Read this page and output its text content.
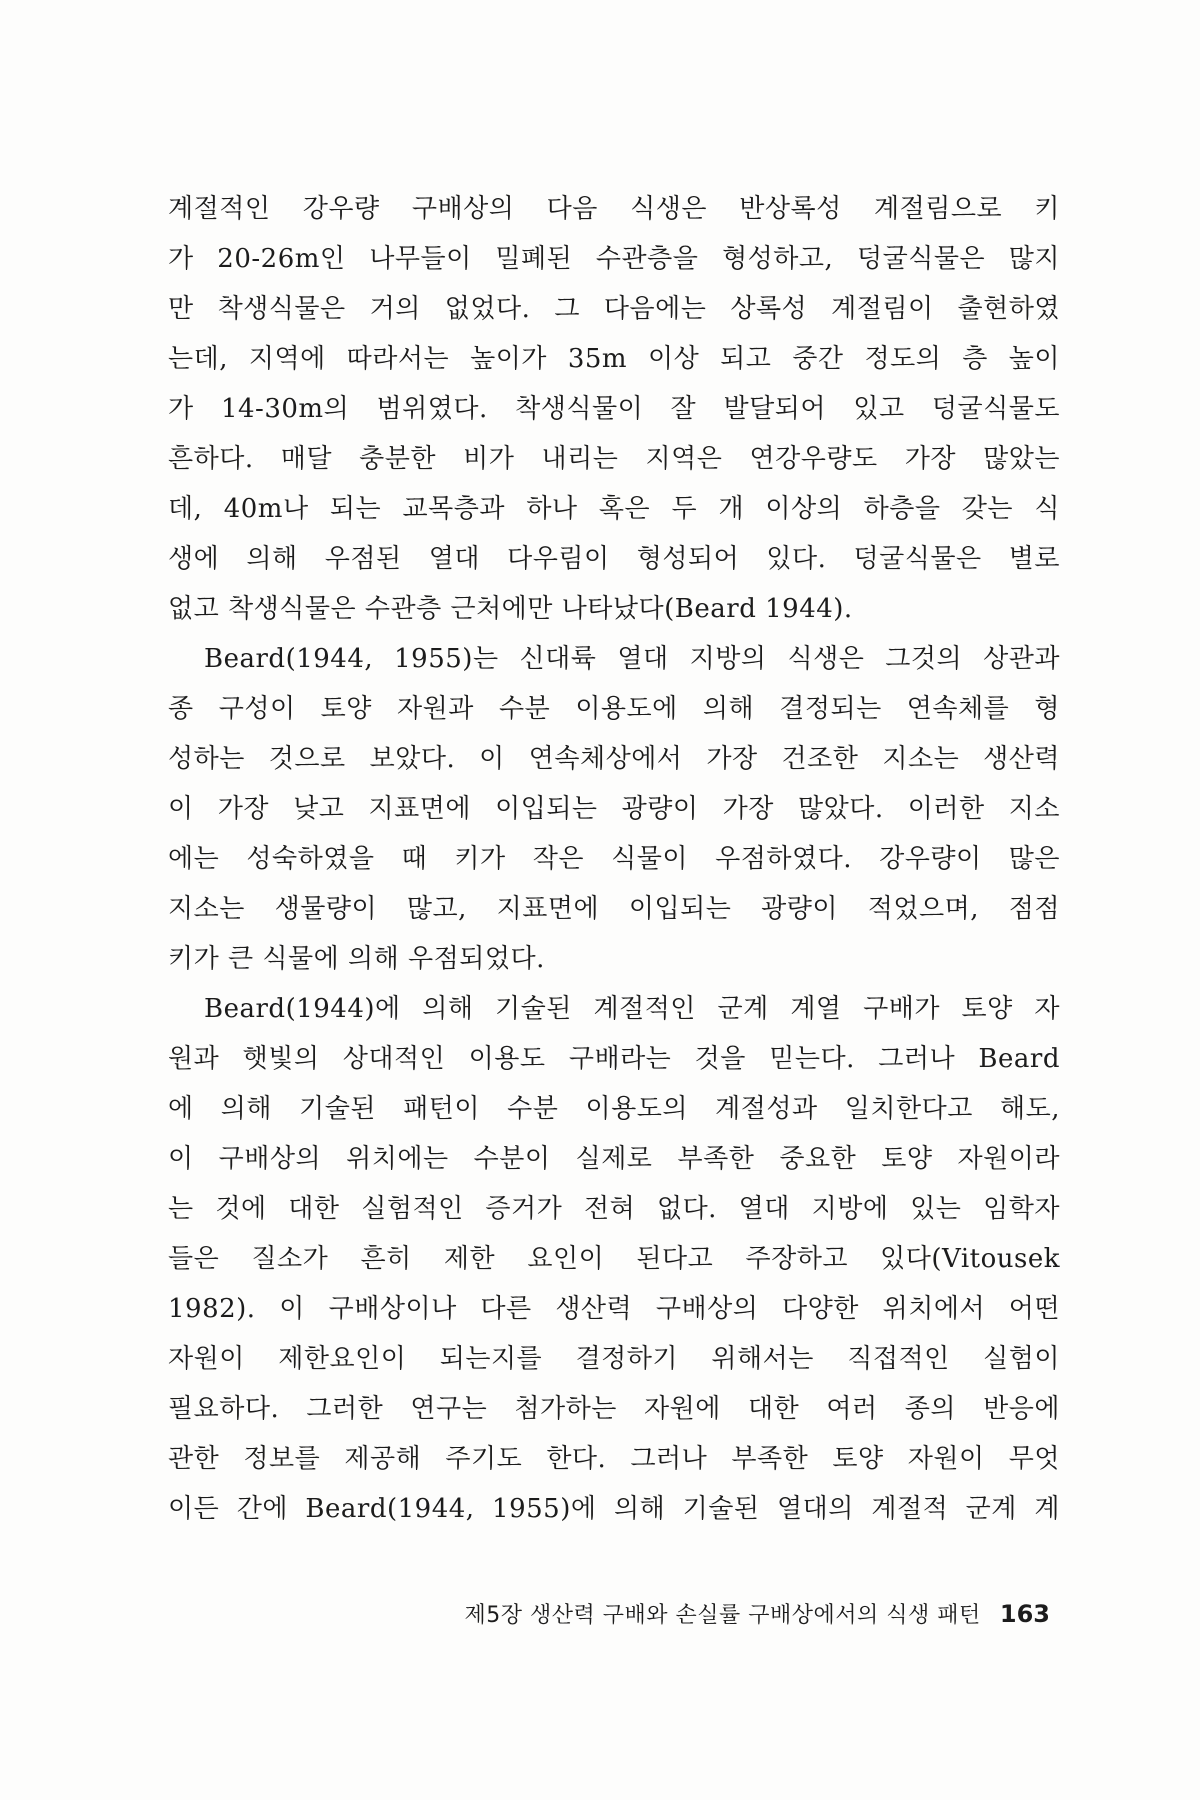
계절적인 강우량 구배상의 다음 식생은 반상록성 계절림으로 키
가 20-26m인 나무들이 밀폐된 수관층을 형성하고, 덩굴식물은 많지
만 착생식물은 거의 없었다. 그 다음에는 상록성 계절림이 출현하였
는데, 지역에 따라서는 높이가 35m 이상 되고 중간 정도의 층 높이
가 14-30m의 범위였다. 착생식물이 잘 발달되어 있고 덩굴식물도
흔하다. 매달 충분한 비가 내리는 지역은 연강우량도 가장 많았는
데, 40m나 되는 교목층과 하나 혹은 두 개 이상의 하층을 갖는 식
생에 의해 우점된 열대 다우림이 형성되어 있다. 덩굴식물은 별로
없고 착생식물은 수관층 근처에만 나타났다(Beard 1944).
Beard(1944, 1955)는 신대륙 열대 지방의 식생은 그것의 상관과
종 구성이 토양 자원과 수분 이용도에 의해 결정되는 연속체를 형
성하는 것으로 보았다. 이 연속체상에서 가장 건조한 지소는 생산력
이 가장 낮고 지표면에 이입되는 광량이 가장 많았다. 이러한 지소
에는 성숙하였을 때 키가 작은 식물이 우점하였다. 강우량이 많은
지소는 생물량이 많고, 지표면에 이입되는 광량이 적었으며, 점점
키가 큰 식물에 의해 우점되었다.
Beard(1944)에 의해 기술된 계절적인 군계 계열 구배가 토양 자
원과 햇빛의 상대적인 이용도 구배라는 것을 믿는다. 그러나 Beard
에 의해 기술된 패턴이 수분 이용도의 계절성과 일치한다고 해도,
이 구배상의 위치에는 수분이 실제로 부족한 중요한 토양 자원이라
는 것에 대한 실험적인 증거가 전혀 없다. 열대 지방에 있는 임학자
들은 질소가 흔히 제한 요인이 된다고 주장하고 있다(Vitousek
1982). 이 구배상이나 다른 생산력 구배상의 다양한 위치에서 어떤
자원이 제한요인이 되는지를 결정하기 위해서는 직접적인 실험이
필요하다. 그러한 연구는 첨가하는 자원에 대한 여러 종의 반응에
관한 정보를 제공해 주기도 한다. 그러나 부족한 토양 자원이 무엇
이든 간에 Beard(1944, 1955)에 의해 기술된 열대의 계절적 군계 계
제5장 생산력 구배와 손실률 구배상에서의 식생 패턴 163
